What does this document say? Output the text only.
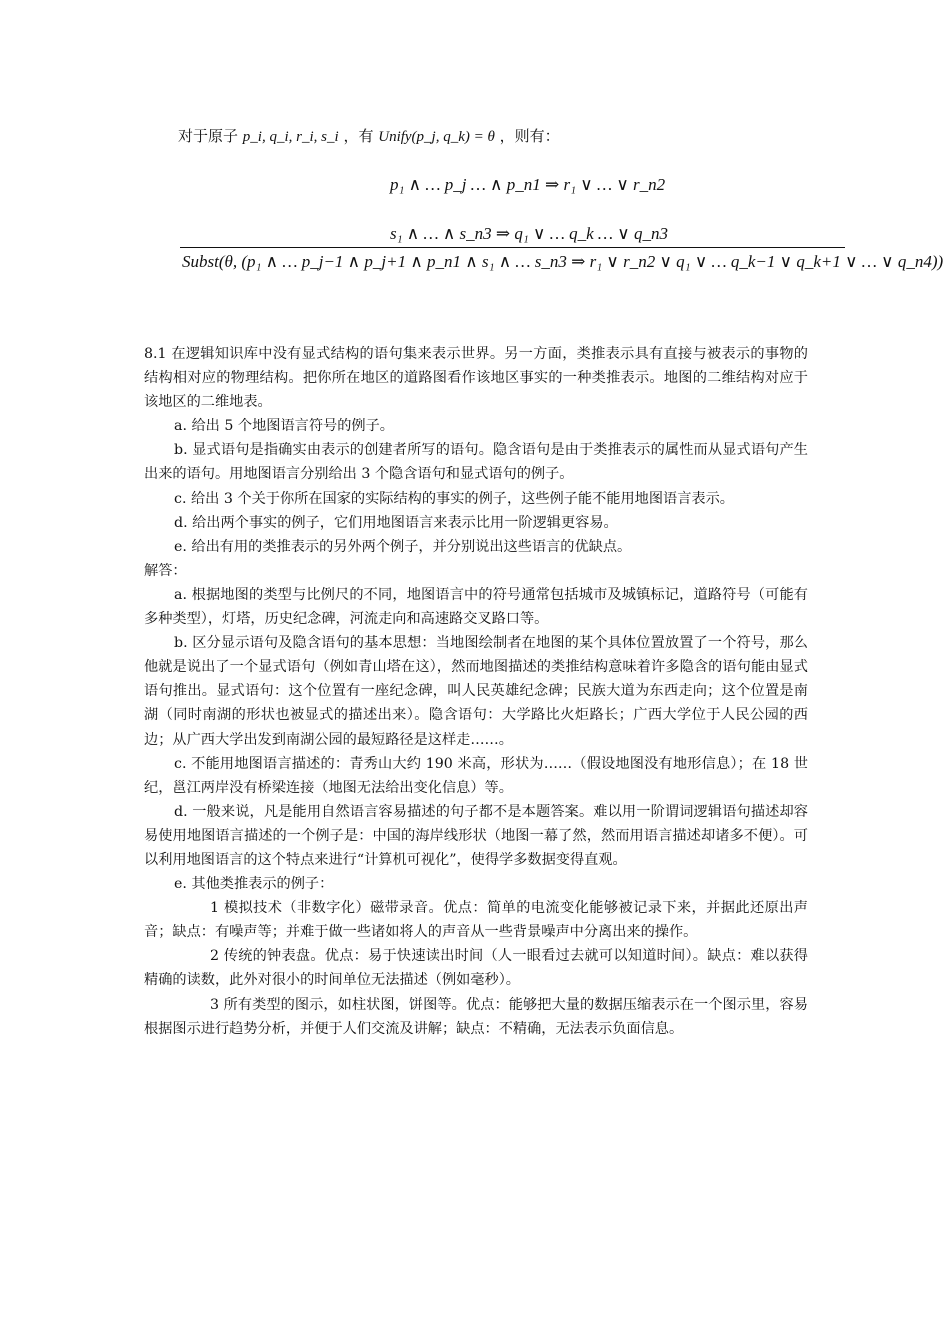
对于原子 p_i, q_i, r_i, s_i ，有 Unify(p_j, q_k) = θ ，则有：
p₁ ∧ … p_j … ∧ p_n1 ⇒ r₁ ∨ … ∨ r_n2
s₁ ∧ … ∧ s_n3 ⇒ q₁ ∨ … q_k … ∨ q_n3
Subst(θ, (p₁ ∧ … p_j−1 ∧ p_j+1 ∧ p_n1 ∧ s₁ ∧ … s_n3 ⇒ r₁ ∨ r_n2 ∨ q₁ ∨ … q_k−1 ∨ q_k+1 ∨ … ∨ q_n4))

8.1 在逻辑知识库中没有显式结构的语句集来表示世界。另一方面，类推表示具有直接与被表示的事物的结构相对应的物理结构。把你所在地区的道路图看作该地区事实的一种类推表示。地图的二维结构对应于该地区的二维地表。

a. 给出 5 个地图语言符号的例子。

b. 显式语句是指确实由表示的创建者所写的语句。隐含语句是由于类推表示的属性而从显式语句产生出来的语句。用地图语言分别给出 3 个隐含语句和显式语句的例子。

c. 给出 3 个关于你所在国家的实际结构的事实的例子，这些例子能不能用地图语言表示。

d. 给出两个事实的例子，它们用地图语言来表示比用一阶逻辑更容易。

e. 给出有用的类推表示的另外两个例子，并分别说出这些语言的优缺点。

解答：

a. 根据地图的类型与比例尺的不同，地图语言中的符号通常包括城市及城镇标记，道路符号（可能有多种类型），灯塔，历史纪念碑，河流走向和高速路交叉路口等。

b. 区分显示语句及隐含语句的基本思想：当地图绘制者在地图的某个具体位置放置了一个符号，那么他就是说出了一个显式语句（例如青山塔在这），然而地图描述的类推结构意味着许多隐含的语句能由显式语句推出。显式语句：这个位置有一座纪念碑，叫人民英雄纪念碑；民族大道为东西走向；这个位置是南湖（同时南湖的形状也被显式的描述出来）。隐含语句：大学路比火炬路长；广西大学位于人民公园的西边；从广西大学出发到南湖公园的最短路径是这样走……。

c. 不能用地图语言描述的：青秀山大约 190 米高，形状为……（假设地图没有地形信息）；在 18 世纪，邕江两岸没有桥梁连接（地图无法给出变化信息）等。

d. 一般来说，凡是能用自然语言容易描述的句子都不是本题答案。难以用一阶谓词逻辑语句描述却容易使用地图语言描述的一个例子是：中国的海岸线形状（地图一幕了然，然而用语言描述却诸多不便）。可以利用地图语言的这个特点来进行“计算机可视化”，使得学多数据变得直观。

e. 其他类推表示的例子：

1 模拟技术（非数字化）磁带录音。优点：简单的电流变化能够被记录下来，并据此还原出声音；缺点：有噪声等；并难于做一些诸如将人的声音从一些背景噪声中分离出来的操作。

2 传统的钟表盘。优点：易于快速读出时间（人一眼看过去就可以知道时间）。缺点：难以获得精确的读数，此外对很小的时间单位无法描述（例如毫秒）。

3 所有类型的图示，如柱状图，饼图等。优点：能够把大量的数据压缩表示在一个图示里，容易根据图示进行趋势分析，并便于人们交流及讲解；缺点：不精确，无法表示负面信息。
